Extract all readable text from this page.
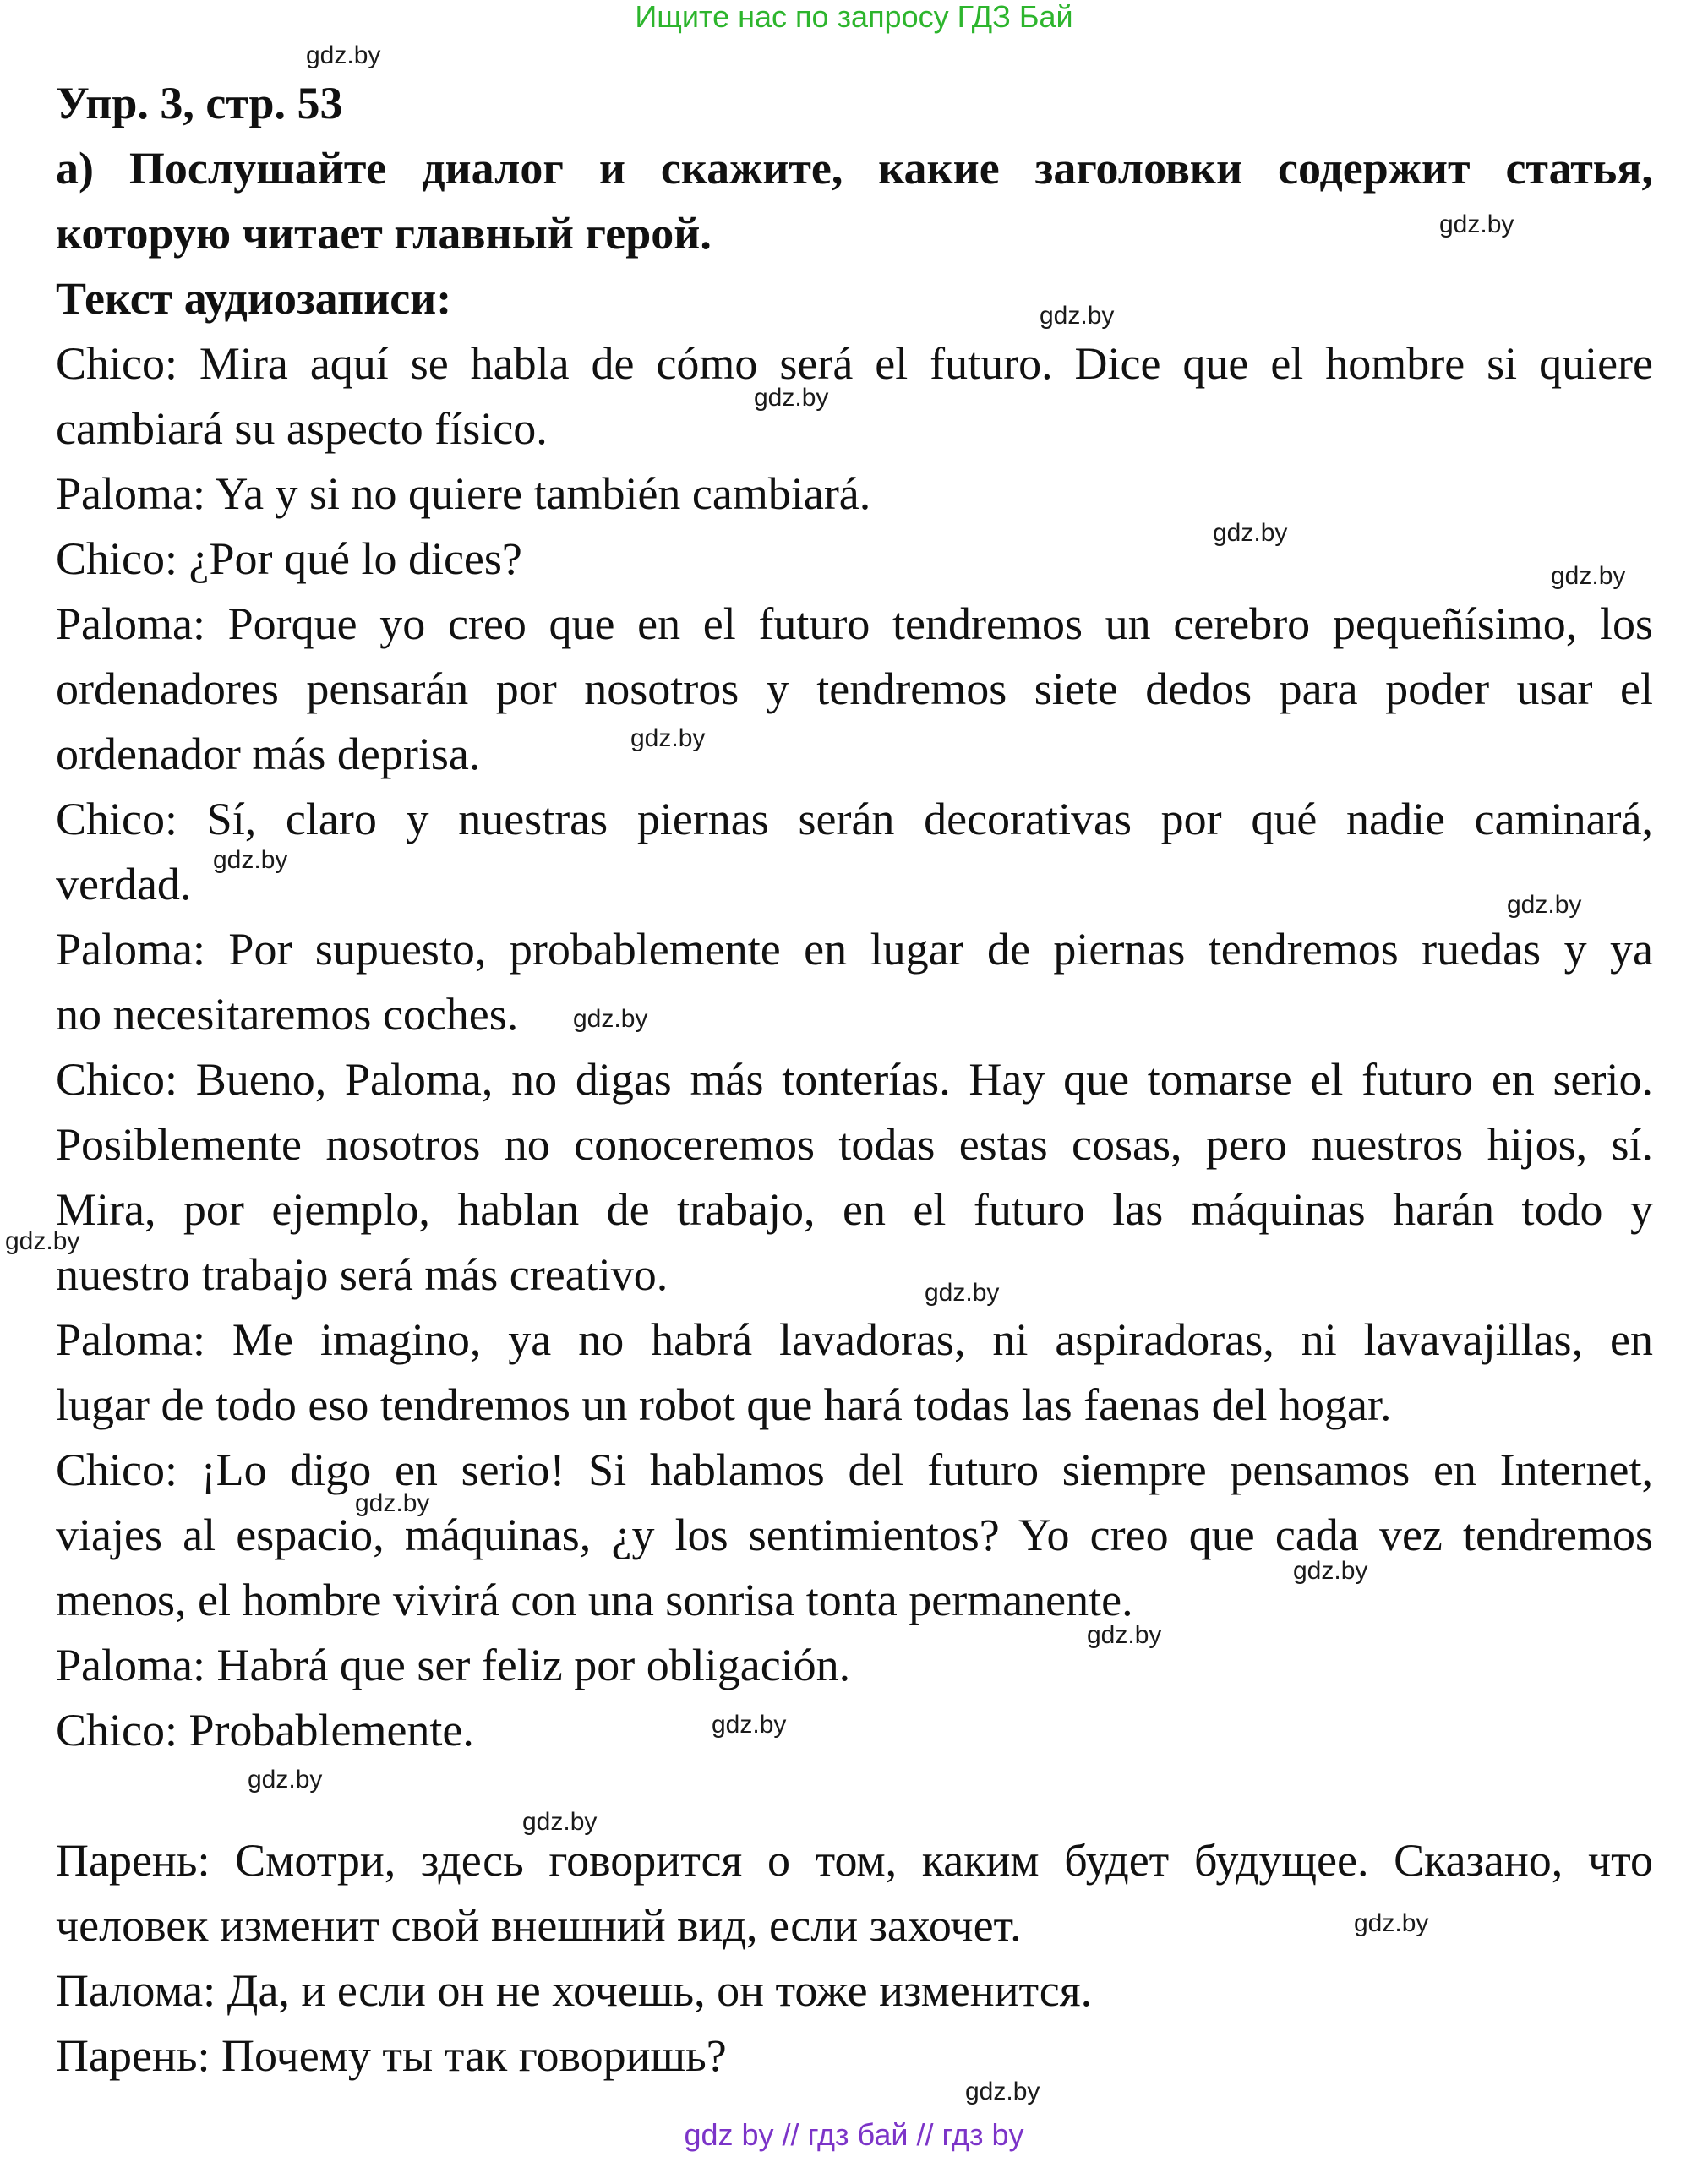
Ищите нас по запросу ГДЗ Бай
Упр. 3, стр. 53
а) Послушайте диалог и скажите, какие заголовки содержит статья,
которую читает главный герой.
Текст аудиозаписи:
Chico: Mira aquí se habla de cómo será el futuro. Dice que el hombre si quiere
cambiará su aspecto físico.
Paloma: Ya y si no quiere también cambiará.
Chico: ¿Por qué lo dices?
Paloma: Porque yo creo que en el futuro tendremos un cerebro pequeñísimo, los
ordenadores pensarán por nosotros y tendremos siete dedos para poder usar el
ordenador más deprisa.
Chico: Sí, claro y nuestras piernas serán decorativas por qué nadie caminará,
verdad.
Paloma: Por supuesto, probablemente en lugar de piernas tendremos ruedas y ya
no necesitaremos coches.
Chico: Bueno, Paloma, no digas más tonterías. Hay que tomarse el futuro en serio.
Posiblemente nosotros no conoceremos todas estas cosas, pero nuestros hijos, sí.
Mira, por ejemplo, hablan de trabajo, en el futuro las máquinas harán todo y
nuestro trabajo será más creativo.
Paloma: Me imagino, ya no habrá lavadoras, ni aspiradoras, ni lavavajillas, en
lugar de todo eso tendremos un robot que hará todas las faenas del hogar.
Chico: ¡Lo digo en serio! Si hablamos del futuro siempre pensamos en Internet,
viajes al espacio, máquinas, ¿y los sentimientos? Yo creo que cada vez tendremos
menos, el hombre vivirá con una sonrisa tonta permanente.
Paloma: Habrá que ser feliz por obligación.
Chico: Probablemente.
Парень: Смотри, здесь говорится о том, каким будет будущее. Сказано, что
человек изменит свой внешний вид, если захочет.
Палома: Да, и если он не хочешь, он тоже изменится.
Парень: Почему ты так говоришь?
gdz.by
gdz.by
gdz.by
gdz.by
gdz.by
gdz.by
gdz.by
gdz.by
gdz.by
gdz.by
gdz.by
gdz.by
gdz.by
gdz.by
gdz.by
gdz.by
gdz.by
gdz.by
gdz.by
gdz.by
gdz by // гдз бай // гдз by
